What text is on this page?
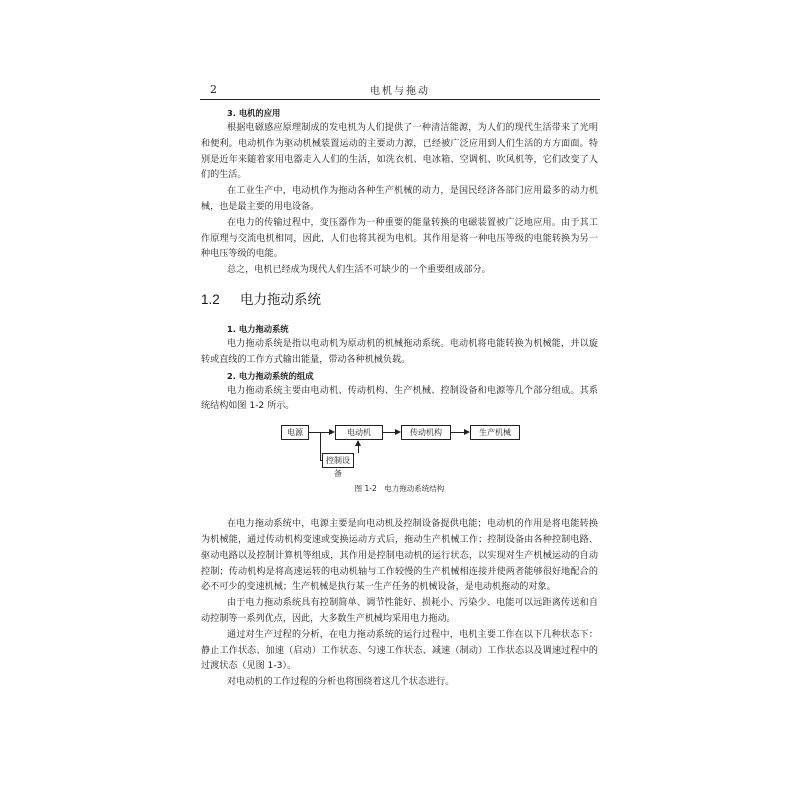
2	电机与拖动

3. 电机的应用

根据电磁感应原理制成的发电机为人们提供了一种清洁能源，为人们的现代生活带来了光明和便利。电动机作为驱动机械装置运动的主要动力源，已经被广泛应用到人们生活的方方面面。特别是近年来随着家用电器走入人们的生活，如洗衣机、电冰箱、空调机、吹风机等，它们改变了人们的生活。

在工业生产中，电动机作为拖动各种生产机械的动力，是国民经济各部门应用最多的动力机械，也是最主要的用电设备。

在电力的传输过程中，变压器作为一种重要的能量转换的电磁装置被广泛地应用。由于其工作原理与交流电机相同，因此，人们也将其视为电机。其作用是将一种电压等级的电能转换为另一种电压等级的电能。

总之，电机已经成为现代人们生活不可缺少的一个重要组成部分。

1.2 电力拖动系统

1. 电力拖动系统

电力拖动系统是指以电动机为原动机的机械拖动系统。电动机将电能转换为机械能，并以旋转或直线的工作方式输出能量，带动各种机械负载。

2. 电力拖动系统的组成

电力拖动系统主要由电动机、传动机构、生产机械、控制设备和电源等几个部分组成。其系统结构如图 1-2 所示。

电源	电动机	传动机构	生产机械
控制设备
图 1-2　电力拖动系统结构

在电力拖动系统中，电源主要是向电动机及控制设备提供电能；电动机的作用是将电能转换为机械能，通过传动机构变速或变换运动方式后，拖动生产机械工作；控制设备由各种控制电路、驱动电路以及控制计算机等组成，其作用是控制电动机的运行状态，以实现对生产机械运动的自动控制；传动机构是将高速运转的电动机轴与工作较慢的生产机械相连接并使两者能够很好地配合的必不可少的变速机械；生产机械是执行某一生产任务的机械设备，是电动机拖动的对象。

由于电力拖动系统具有控制简单、调节性能好、损耗小、污染少、电能可以远距离传送和自动控制等一系列优点，因此，大多数生产机械均采用电力拖动。

通过对生产过程的分析，在电力拖动系统的运行过程中，电机主要工作在以下几种状态下：静止工作状态、加速（启动）工作状态、匀速工作状态、减速（制动）工作状态以及调速过程中的过渡状态（见图 1-3）。

对电动机的工作过程的分析也将围绕着这几个状态进行。
